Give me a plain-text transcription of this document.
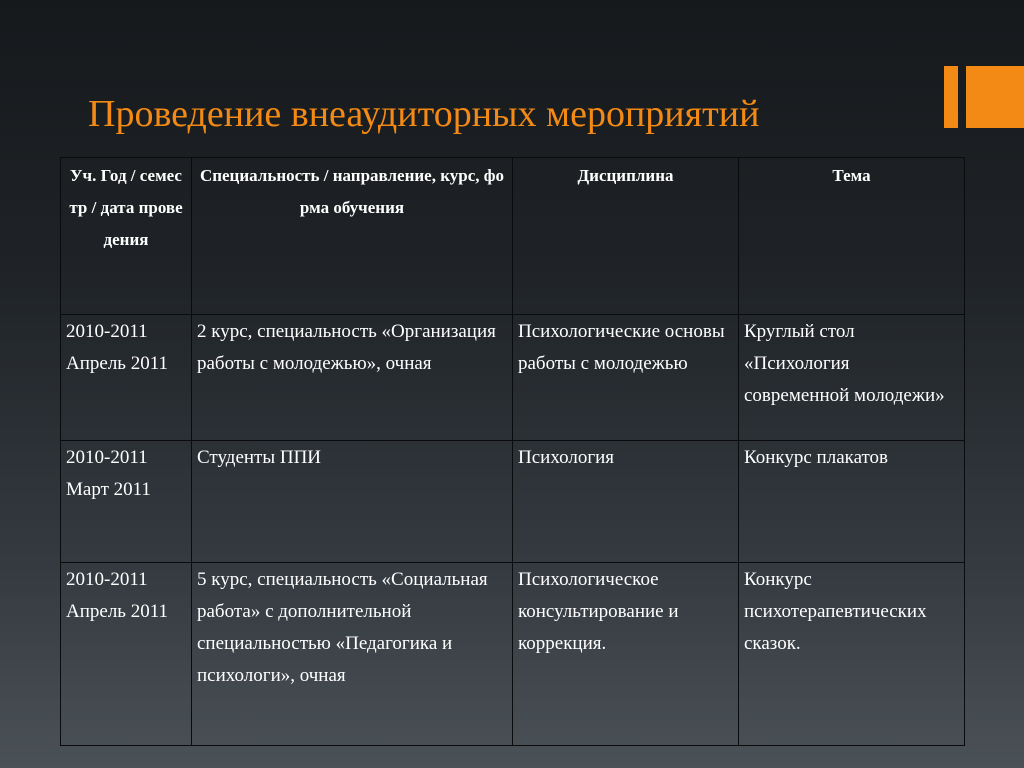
Проведение внеаудиторных мероприятий
Уч. Год / семестр / дата проведения	Специальность / направление, курс, форма обучения	Дисциплина	Тема

2010-2011
Апрель 2011	2 курс, специальность «Организация работы с молодежью», очная	Психологические основы работы с молодежью	Круглый стол «Психология современной молодежи»

2010-2011
Март 2011	Студенты ППИ	Психология	Конкурс плакатов

2010-2011
Апрель 2011	5 курс, специальность «Социальная работа» с дополнительной специальностью «Педагогика и психологи», очная	Психологическое консультирование и коррекция.	Конкурс психотерапевтических сказок.
